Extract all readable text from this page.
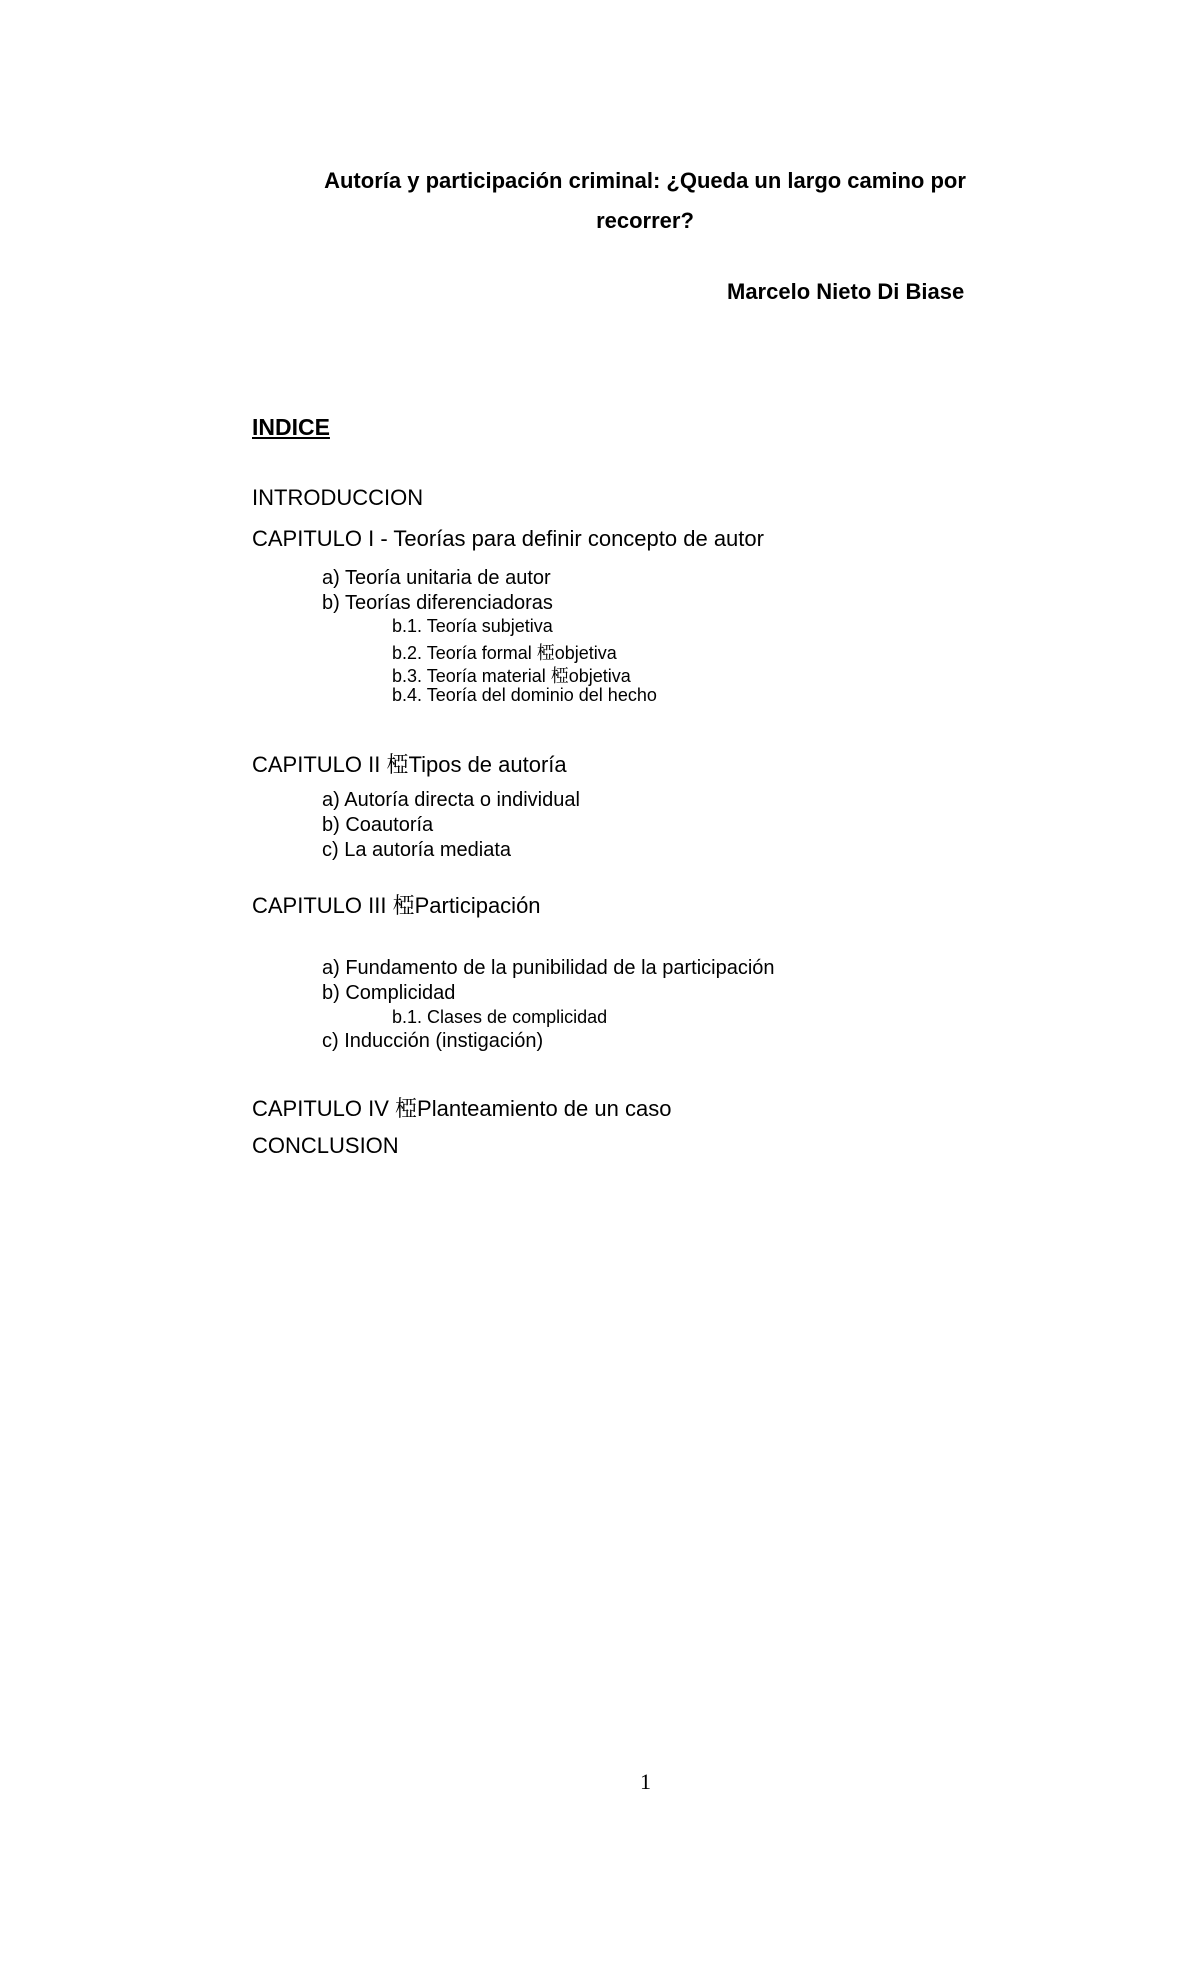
Autoría y participación criminal: ¿Queda un largo camino por
recorrer?
Marcelo Nieto Di Biase
INDICE
INTRODUCCION
CAPITULO I - Teorías para definir concepto de autor
a) Teoría unitaria de autor
b) Teorías diferenciadoras
b.1. Teoría subjetiva
b.2. Teoría formal 椏objetiva
b.3. Teoría material 椏objetiva
b.4. Teoría del dominio del hecho
CAPITULO II 椏Tipos de autoría
a) Autoría directa o individual
b) Coautoría
c) La autoría mediata
CAPITULO III 椏Participación
a) Fundamento de la punibilidad de la participación
b) Complicidad
b.1. Clases de complicidad
c) Inducción (instigación)
CAPITULO IV 椏Planteamiento de un caso
CONCLUSION
1
